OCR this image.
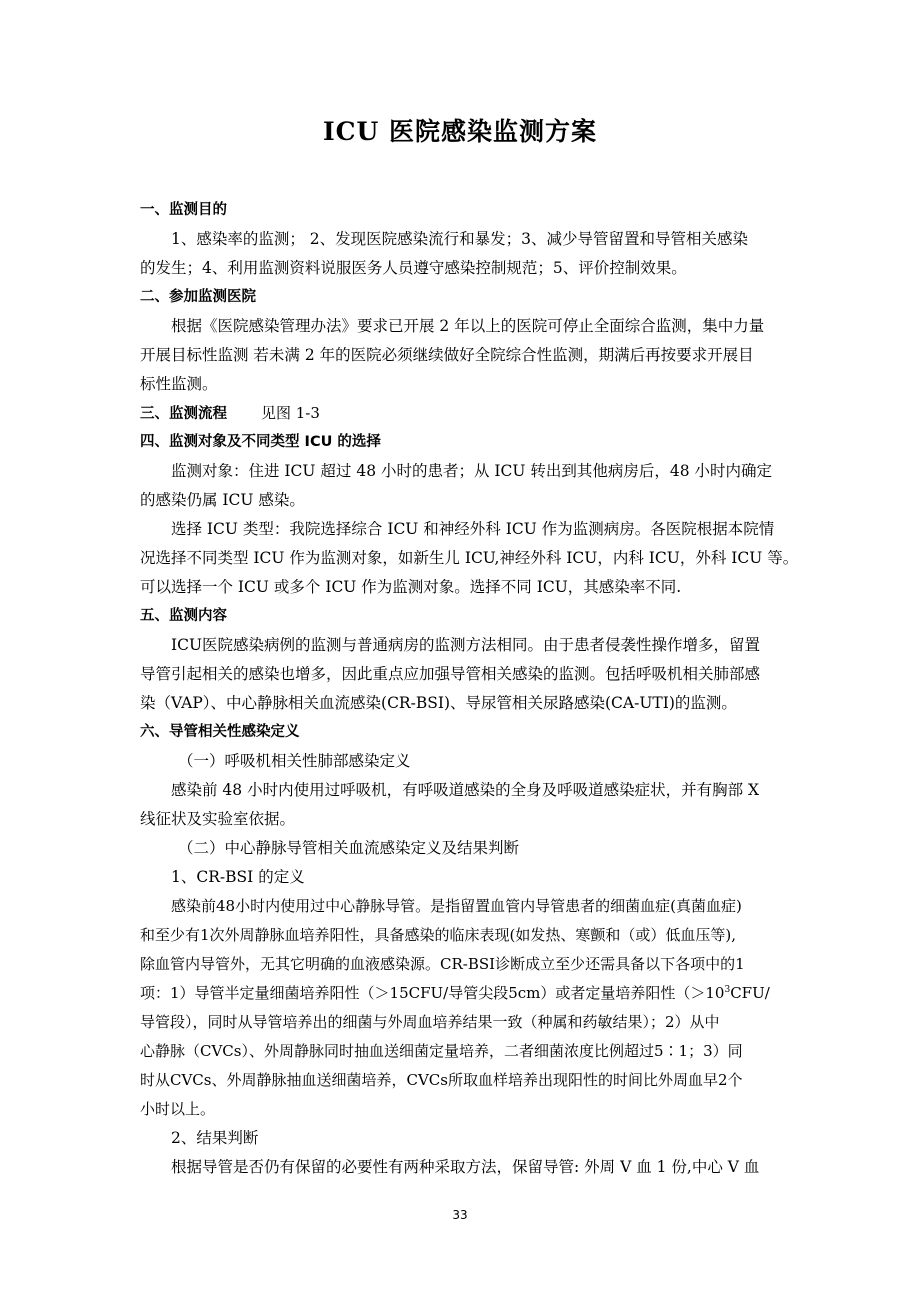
ICU 医院感染监测方案
一、监测目的

1、感染率的监测； 2、发现医院感染流行和暴发；3、减少导管留置和导管相关感染
的发生；4、利用监测资料说服医务人员遵守感染控制规范；5、评价控制效果。

二、参加监测医院

根据《医院感染管理办法》要求已开展 2 年以上的医院可停止全面综合监测，集中力量
开展目标性监测 若未满 2 年的医院必须继续做好全院综合性监测，期满后再按要求开展目
标性监测。

三、监测流程 见图 1-3
四、监测对象及不同类型 ICU 的选择

监测对象：住进 ICU 超过 48 小时的患者；从 ICU 转出到其他病房后，48 小时内确定
的感染仍属 ICU 感染。

选择 ICU 类型：我院选择综合 ICU 和神经外科 ICU 作为监测病房。各医院根据本院情
况选择不同类型 ICU 作为监测对象，如新生儿 ICU,神经外科 ICU，内科 ICU，外科 ICU 等。
可以选择一个 ICU 或多个 ICU 作为监测对象。选择不同 ICU，其感染率不同.

五、监测内容

ICU医院感染病例的监测与普通病房的监测方法相同。由于患者侵袭性操作增多，留置
导管引起相关的感染也增多，因此重点应加强导管相关感染的监测。包括呼吸机相关肺部感
染（VAP）、中心静脉相关血流感染(CR-BSI)、导尿管相关尿路感染(CA-UTI)的监测。

六、导管相关性感染定义
（一）呼吸机相关性肺部感染定义

感染前 48 小时内使用过呼吸机，有呼吸道感染的全身及呼吸道感染症状，并有胸部 X
线征状及实验室依据。

（二）中心静脉导管相关血流感染定义及结果判断
1、CR-BSI 的定义

感染前48小时内使用过中心静脉导管。是指留置血管内导管患者的细菌血症(真菌血症)
和至少有1次外周静脉血培养阳性，具备感染的临床表现(如发热、寒颤和（或）低血压等),
除血管内导管外，无其它明确的血液感染源。CR-BSI诊断成立至少还需具备以下各项中的1
项：1）导管半定量细菌培养阳性（＞15CFU/导管尖段5cm）或者定量培养阳性（$>10^3CFU/$
导管段），同时从导管培养出的细菌与外周血培养结果一致（种属和药敏结果）；2）从中
心静脉（CVCs）、外周静脉同时抽血送细菌定量培养，二者细菌浓度比例超过5∶1；3）同
时从CVCs、外周静脉抽血送细菌培养，CVCs所取血样培养出现阳性的时间比外周血早2个
小时以上。

2、结果判断

根据导管是否仍有保留的必要性有两种采取方法，保留导管: 外周 V 血 1 份,中心 V 血

33
